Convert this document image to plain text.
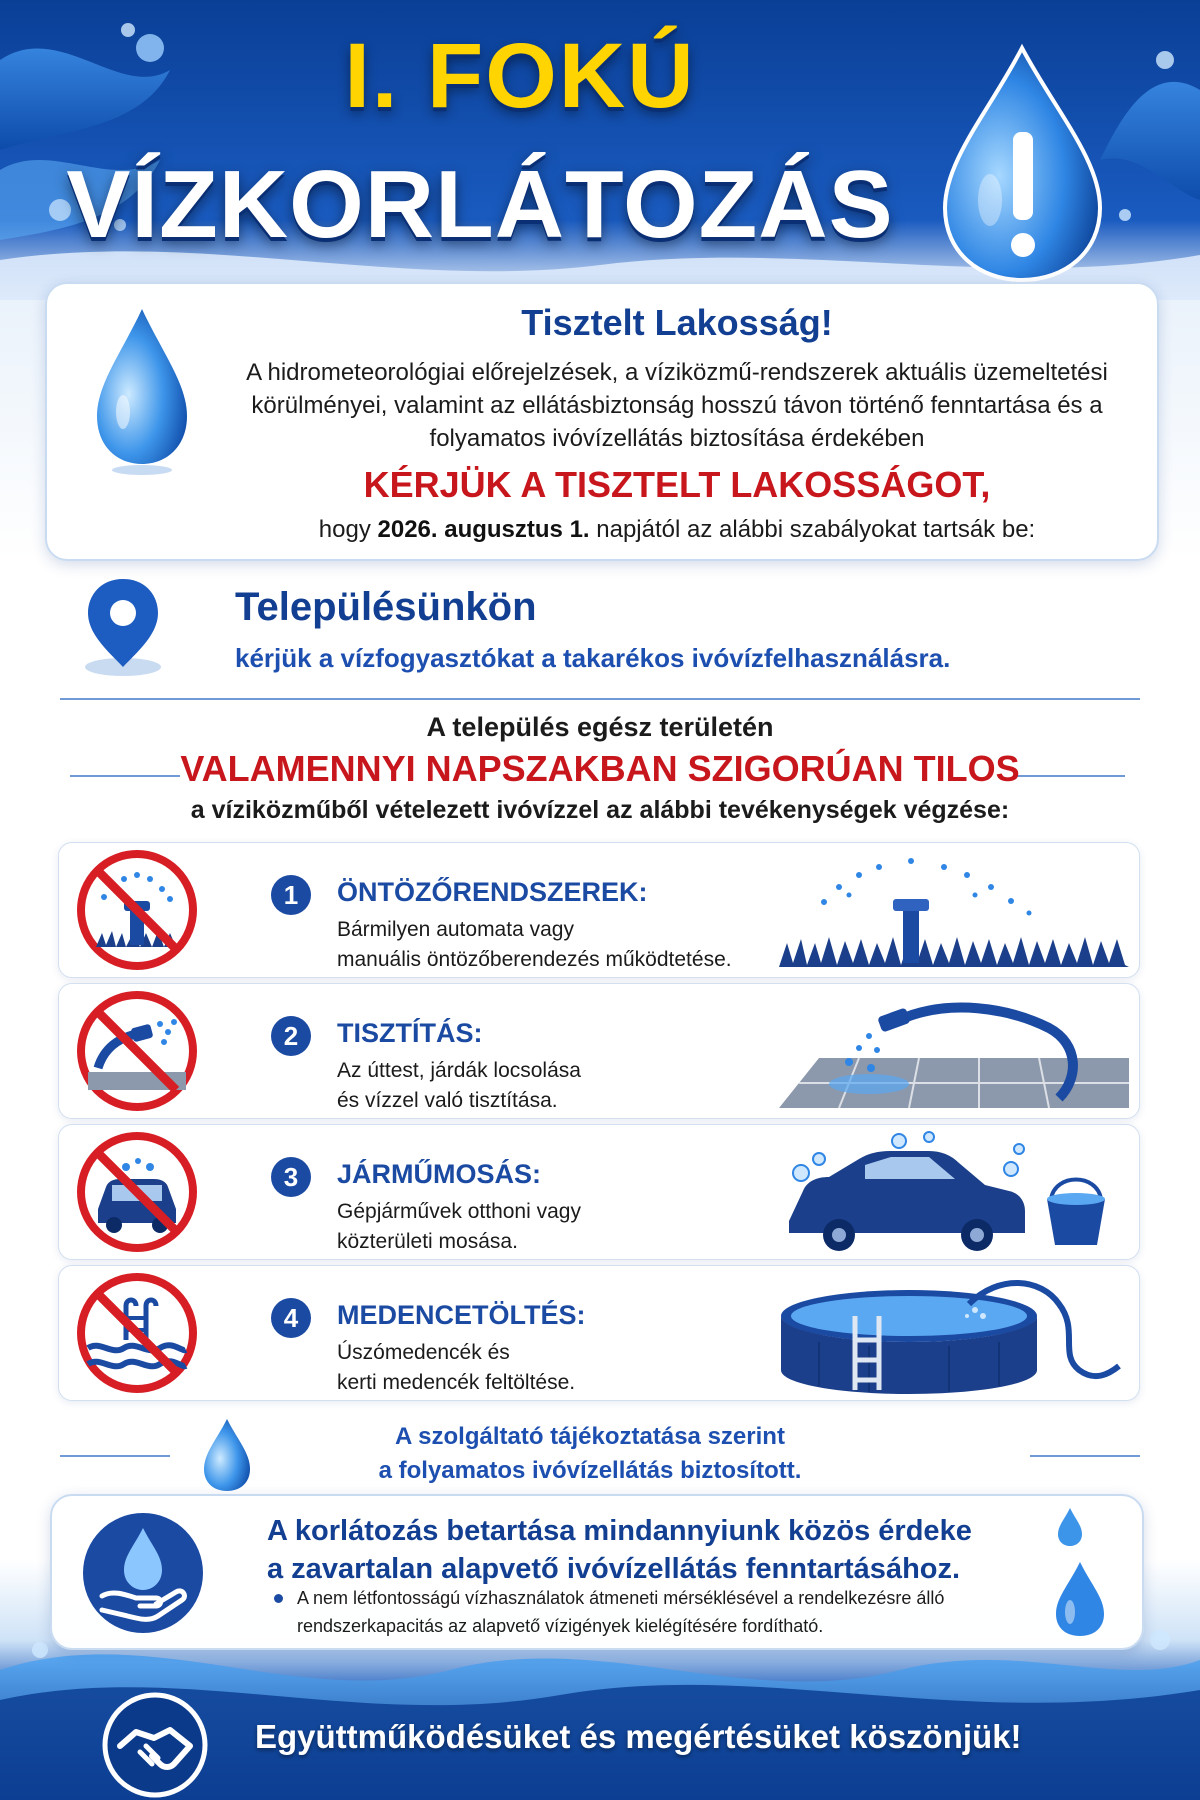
I. FOKÚ
VÍZKORLÁTOZÁS
Tisztelt Lakosság!
A hidrometeorológiai előrejelzések, a víziközmű-rendszerek aktuális üzemeltetési körülményei, valamint az ellátásbiztonság hosszú távon történő fenntartása és a folyamatos ivóvízellátás biztosítása érdekében
KÉRJÜK A TISZTELT LAKOSSÁGOT,
hogy 2026. augusztus 1. napjától az alábbi szabályokat tartsák be:
Településünkön
kérjük a vízfogyasztókat a takarékos ivóvízfelhasználásra.
A település egész területén
VALAMENNYI NAPSZAKBAN SZIGORÚAN TILOS
a víziközműből vételezett ivóvízzel az alábbi tevékenységek végzése:
1	ÖNTÖZŐRENDSZEREK:
Bármilyen automata vagy
manuális öntözőberendezés működtetése.
2	TISZTÍTÁS:
Az úttest, járdák locsolása
és vízzel való tisztítása.
3	JÁRMŰMOSÁS:
Gépjárművek otthoni vagy
közterületi mosása.
4	MEDENCETÖLTÉS:
Úszómedencék és
kerti medencék feltöltése.
A szolgáltató tájékoztatása szerint
a folyamatos ivóvízellátás biztosított.
A korlátozás betartása mindannyiunk közös érdeke
a zavartalan alapvető ivóvízellátás fenntartásához.
A nem létfontosságú vízhasználatok átmeneti mérséklésével a rendelkezésre álló
rendszerkapacitás az alapvető vízigények kielégítésére fordítható.
Együttműködésüket és megértésüket köszönjük!
